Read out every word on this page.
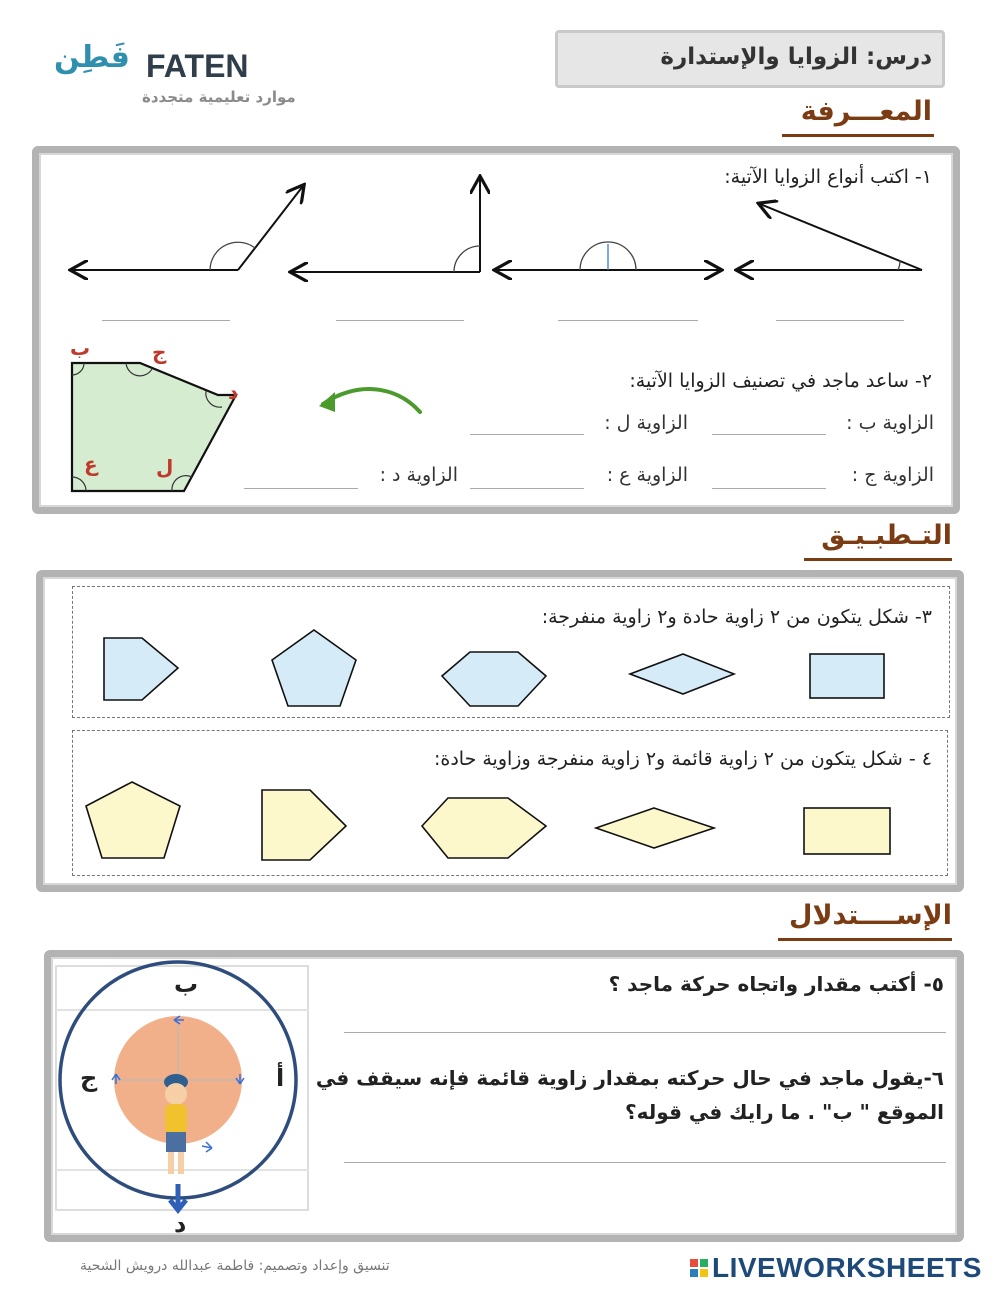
فَطِن FATEN
موارد تعليمية متجددة
درس: الزوايا والإستدارة
المعـــرفة
١- اكتب أنواع الزوايا الآتية:
ب	ج
د
ع	ل
٢- ساعد ماجد في تصنيف الزوايا الآتية:
الزاوية ب :
الزاوية ل :
الزاوية ج :
الزاوية ع :
الزاوية د :
التـطبـيـق
٣- شكل يتكون من ٢ زاوية حادة و٢ زاوية منفرجة:
٤ - شكل يتكون من ٢ زاوية قائمة و٢ زاوية منفرجة وزاوية حادة:
الإســــتدلال
ب
أ
ج
د
٥- أكتب مقدار واتجاه حركة ماجد ؟
٦-يقول ماجد في حال حركته بمقدار زاوية قائمة فإنه سيقف في
الموقع " ب" . ما رايك في قوله؟
تنسيق وإعداد وتصميم: فاطمة عبدالله درويش الشحية	LIVEWORKSHEETS
